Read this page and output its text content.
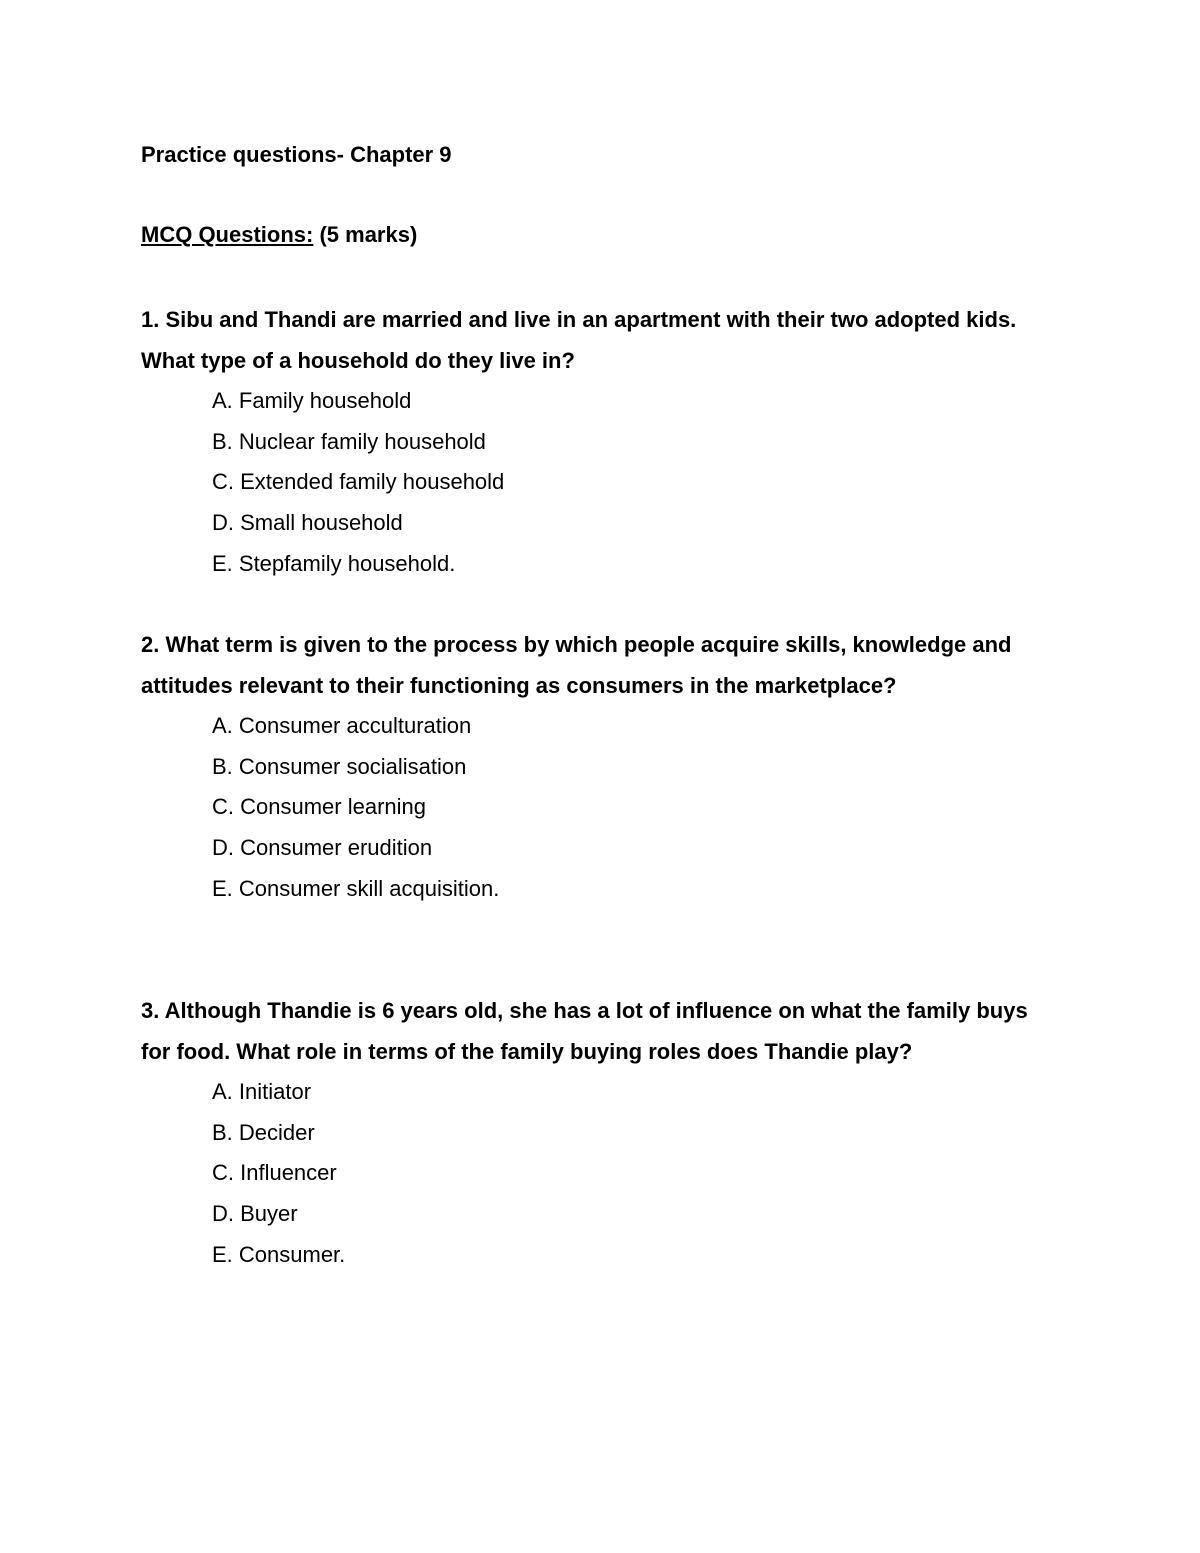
Practice questions- Chapter 9
MCQ Questions: (5 marks)
1. Sibu and Thandi are married and live in an apartment with their two adopted kids. What type of a household do they live in?
A. Family household
B. Nuclear family household
C. Extended family household
D. Small household
E. Stepfamily household.
2. What term is given to the process by which people acquire skills, knowledge and attitudes relevant to their functioning as consumers in the marketplace?
A. Consumer acculturation
B. Consumer socialisation
C. Consumer learning
D. Consumer erudition
E. Consumer skill acquisition.
3. Although Thandie is 6 years old, she has a lot of influence on what the family buys for food. What role in terms of the family buying roles does Thandie play?
A. Initiator
B. Decider
C. Influencer
D. Buyer
E. Consumer.
